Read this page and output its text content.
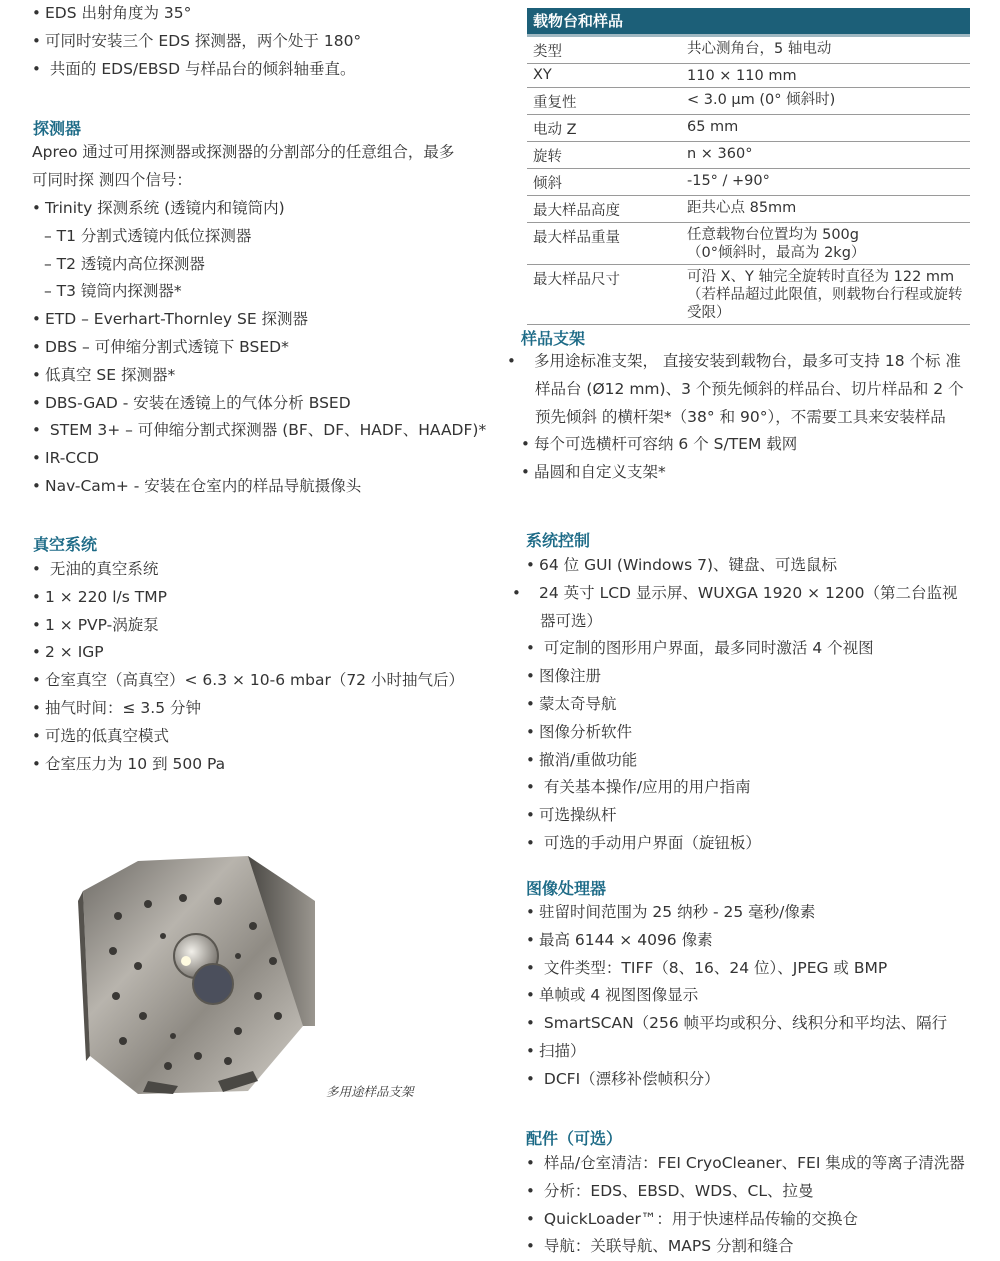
• EDS 出射角度为 35°
• 可同时安装三个 EDS 探测器，两个处于 180°
• 共面的 EDS/EBSD 与样品台的倾斜轴垂直。
探测器

Apreo 通过可用探测器或探测器的分割部分的任意组合，最多
可同时探 测四个信号：

• Trinity 探测系统 (透镜内和镜筒内)
– T1 分割式透镜内低位探测器
– T2 透镜内高位探测器
– T3 镜筒内探测器*
• ETD – Everhart-Thornley SE 探测器
• DBS – 可伸缩分割式透镜下 BSED*
• 低真空 SE 探测器*
• DBS-GAD - 安装在透镜上的气体分析 BSED
• STEM 3+ – 可伸缩分割式探测器 (BF、DF、HADF、HAADF)*
• IR-CCD
• Nav-Cam+ - 安装在仓室内的样品导航摄像头
真空系统
• 无油的真空系统
• 1 × 220 l/s TMP
• 1 × PVP-涡旋泵
• 2 × IGP
• 仓室真空（高真空）< 6.3 × 10-6 mbar（72 小时抽气后）
• 抽气时间：≤ 3.5 分钟
• 可选的低真空模式
• 仓室压力为 10 到 500 Pa
多用途样品支架
载物台和样品
类型	共心测角台，5 轴电动
XY	110 × 110 mm
重复性	< 3.0 µm (0° 倾斜时)
电动 Z	65 mm
旋转	n × 360°
倾斜	-15° / +90°
最大样品高度	距共心点 85mm
最大样品重量	任意载物台位置均为 500g
（0°倾斜时，最高为 2kg）
最大样品尺寸	可沿 X、Y 轴完全旋转时直径为 122 mm（若样品超过此限值，则载物台行程或旋转受限）
样品支架
• 多用途标准支架， 直接安装到载物台，最多可支持 18 个标 准样品台 (Ø12 mm)、3 个预先倾斜的样品台、切片样品和 2 个预先倾斜 的横杆架*（38° 和 90°），不需要工具来安装样品
• 每个可选横杆可容纳 6 个 S/TEM 载网
• 晶圆和自定义支架*
系统控制
• 64 位 GUI (Windows 7)、键盘、可选鼠标
• 24 英寸 LCD 显示屏、WUXGA 1920 × 1200（第二台监视器可选）
• 可定制的图形用户界面，最多同时激活 4 个视图
• 图像注册
• 蒙太奇导航
• 图像分析软件
• 撤消/重做功能
• 有关基本操作/应用的用户指南
• 可选操纵杆
• 可选的手动用户界面（旋钮板）
图像处理器
• 驻留时间范围为 25 纳秒 - 25 毫秒/像素
• 最高 6144 × 4096 像素
• 文件类型：TIFF（8、16、24 位）、JPEG 或 BMP
• 单帧或 4 视图图像显示
• SmartSCAN（256 帧平均或积分、线积分和平均法、隔行
• 扫描）
• DCFI（漂移补偿帧积分）
配件（可选）
• 样品/仓室清洁：FEI CryoCleaner、FEI 集成的等离子清洗器
• 分析：EDS、EBSD、WDS、CL、拉曼
• QuickLoader™：用于快速样品传输的交换仓
• 导航：关联导航、MAPS 分割和缝合
